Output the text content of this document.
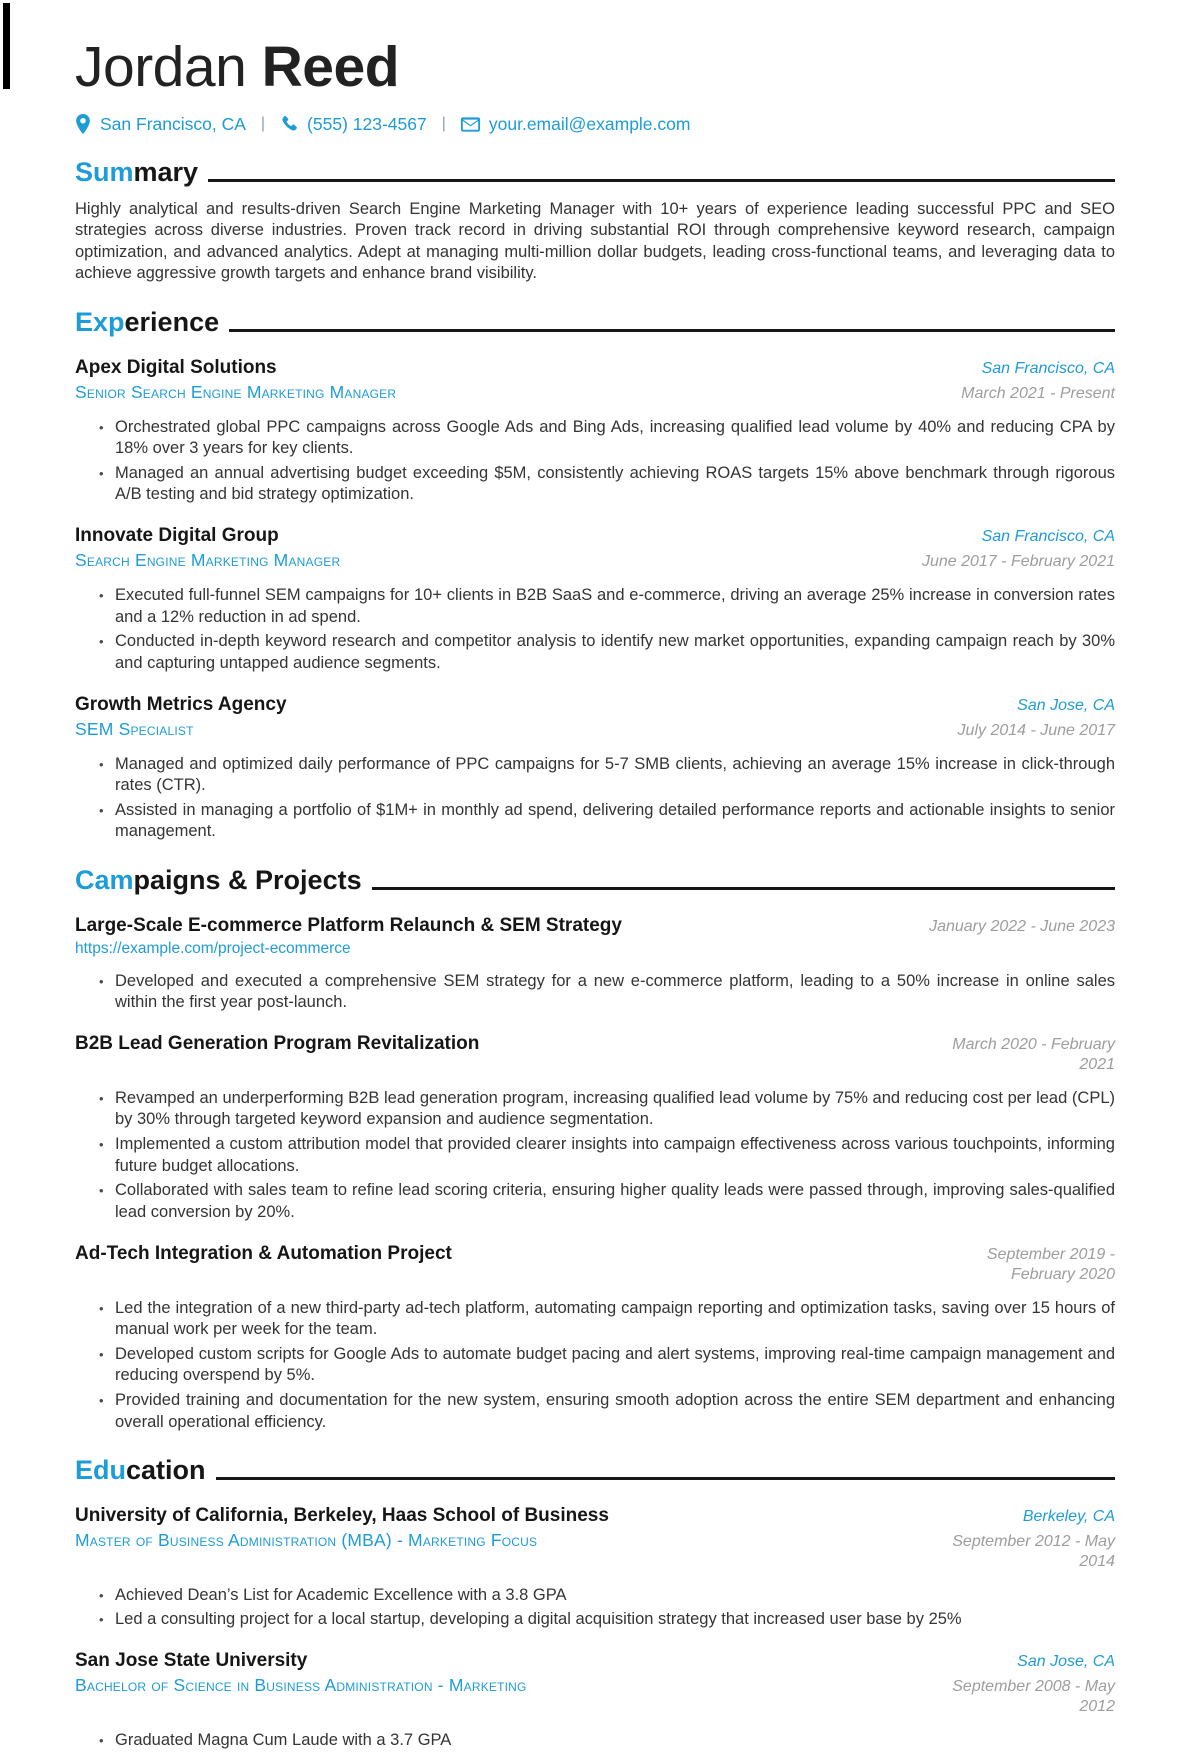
Jordan Reed
San Francisco, CA | (555) 123-4567 | your.email@example.com
Sum mary

Highly analytical and results-driven Search Engine Marketing Manager with 10+ years of experience leading successful PPC and SEO strategies across diverse industries. Proven track record in driving substantial ROI through comprehensive keyword research, campaign optimization, and advanced analytics. Adept at managing multi-million dollar budgets, leading cross-functional teams, and leveraging data to achieve aggressive growth targets and enhance brand visibility.

Exp erience
Apex Digital Solutions	San Francisco, CA
Senior Search Engine Marketing Manager	March 2021 - Present
• Orchestrated global PPC campaigns across Google Ads and Bing Ads, increasing qualified lead volume by 40% and reducing CPA by 18% over 3 years for key clients.
• Managed an annual advertising budget exceeding $5M, consistently achieving ROAS targets 15% above benchmark through rigorous A/B testing and bid strategy optimization.
Innovate Digital Group	San Francisco, CA
Search Engine Marketing Manager	June 2017 - February 2021
• Executed full-funnel SEM campaigns for 10+ clients in B2B SaaS and e-commerce, driving an average 25% increase in conversion rates and a 12% reduction in ad spend.
• Conducted in-depth keyword research and competitor analysis to identify new market opportunities, expanding campaign reach by 30% and capturing untapped audience segments.
Growth Metrics Agency	San Jose, CA
SEM Specialist	July 2014 - June 2017
• Managed and optimized daily performance of PPC campaigns for 5-7 SMB clients, achieving an average 15% increase in click-through rates (CTR).
• Assisted in managing a portfolio of $1M+ in monthly ad spend, delivering detailed performance reports and actionable insights to senior management.
Cam paigns & Projects
Large-Scale E-commerce Platform Relaunch & SEM Strategy	January 2022 - June 2023
https://example.com/project-ecommerce
• Developed and executed a comprehensive SEM strategy for a new e-commerce platform, leading to a 50% increase in online sales within the first year post-launch.
B2B Lead Generation Program Revitalization	March 2020 - February 2021
• Revamped an underperforming B2B lead generation program, increasing qualified lead volume by 75% and reducing cost per lead (CPL) by 30% through targeted keyword expansion and audience segmentation.
• Implemented a custom attribution model that provided clearer insights into campaign effectiveness across various touchpoints, informing future budget allocations.
• Collaborated with sales team to refine lead scoring criteria, ensuring higher quality leads were passed through, improving sales-qualified lead conversion by 20%.
Ad-Tech Integration & Automation Project	September 2019 - February 2020
• Led the integration of a new third-party ad-tech platform, automating campaign reporting and optimization tasks, saving over 15 hours of manual work per week for the team.
• Developed custom scripts for Google Ads to automate budget pacing and alert systems, improving real-time campaign management and reducing overspend by 5%.
• Provided training and documentation for the new system, ensuring smooth adoption across the entire SEM department and enhancing overall operational efficiency.
Edu cation
University of California, Berkeley, Haas School of Business	Berkeley, CA
Master of Business Administration (MBA) - Marketing Focus	September 2012 - May 2014
• Achieved Dean’s List for Academic Excellence with a 3.8 GPA
• Led a consulting project for a local startup, developing a digital acquisition strategy that increased user base by 25%
San Jose State University	San Jose, CA
Bachelor of Science in Business Administration - Marketing	September 2008 - May 2012
• Graduated Magna Cum Laude with a 3.7 GPA
